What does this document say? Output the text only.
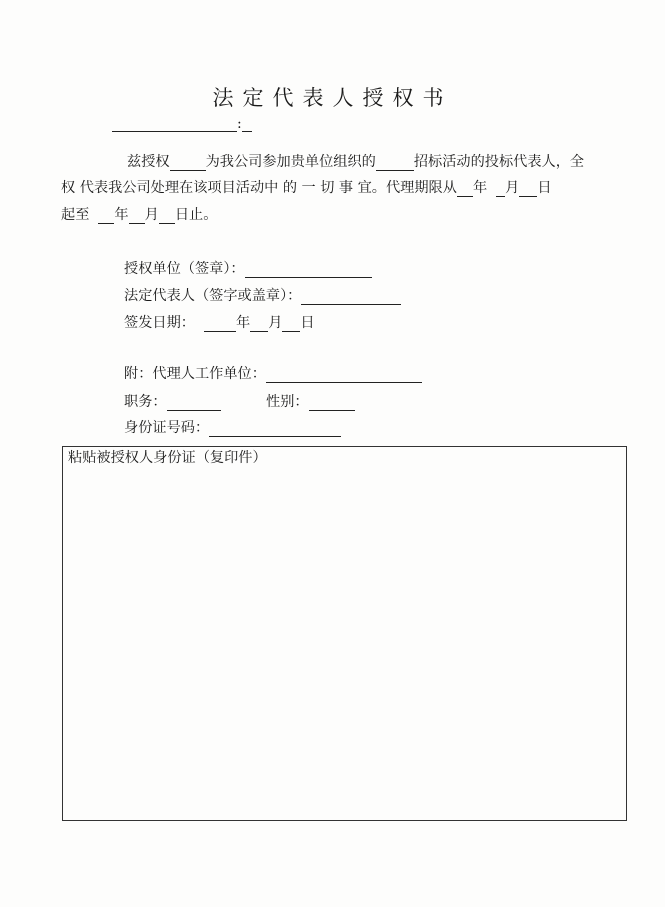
法定代表人授权书
:
兹授权	为我公司参加贵单位组织的	招标活动的投标代表人，全
权 代表我公司处理在该项目活动中 的 一 切 事 宜。代理期限从 年 月 日
起至 年 月 日止。
授权单位（签章）：
法定代表人（签字或盖章）：
签发日期：	年 月 日
附：代理人工作单位：
职务：	性别：
身份证号码：
粘贴被授权人身份证（复印件）
